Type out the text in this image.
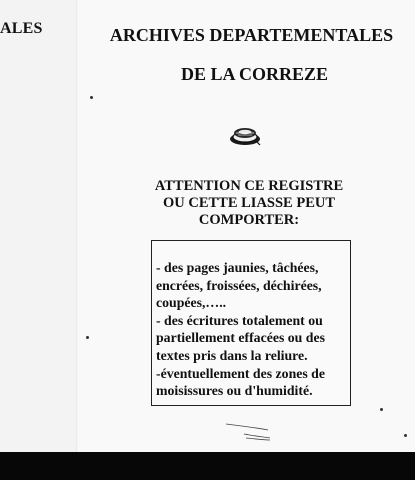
ALES	ARCHIVES DEPARTEMENTALES
DE LA CORREZE
ATTENTION CE REGISTRE
OU CETTE LIASSE PEUT
COMPORTER:
- des pages jaunies, tâchées,
encrées, froissées, déchirées,
coupées,…..
- des écritures totalement ou
partiellement effacées ou des
textes pris dans la reliure.
-éventuellement des zones de
moisissures ou d'humidité.
